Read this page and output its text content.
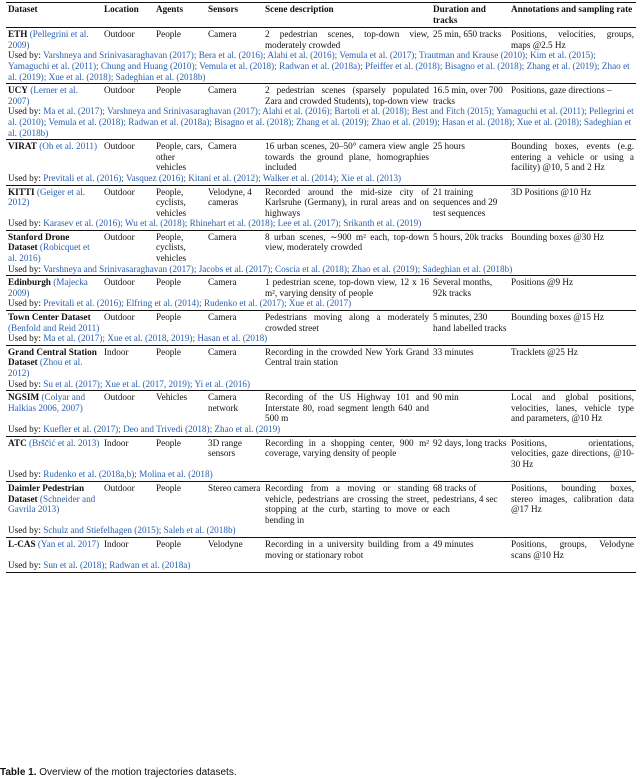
Dataset	Location	Agents	Sensors	Scene description	Duration and tracks	Annotations and sampling rate
ETH (Pellegrini et al. 2009)	Outdoor	People	Camera	2 pedestrian scenes, top-down view, moderately crowded	25 min, 650 tracks	Positions, velocities, groups, maps @2.5 Hz
Used by: Varshneya and Srinivasaraghavan (2017); Bera et al. (2016); Alahi et al. (2016); Vemula et al. (2017); Trautman and Krause (2010); Kim et al. (2015); Yamaguchi et al. (2011); Chung and Huang (2010); Vemula et al. (2018); Radwan et al. (2018a); Pfeiffer et al. (2018); Bisagno et al. (2018); Zhang et al. (2019); Zhao et al. (2019); Xue et al. (2018); Sadeghian et al. (2018b)						
UCY (Lerner et al. 2007)	Outdoor	People	Camera	2 pedestrian scenes (sparsely populated Zara and crowded Students), top-down view	16.5 min, over 700 tracks	Positions, gaze directions –
Used by: Ma et al. (2017); Varshneya and Srinivasaraghavan (2017); Alahi et al. (2016); Bartoli et al. (2018); Best and Fitch (2015); Yamaguchi et al. (2011); Pellegrini et al. (2010); Vemula et al. (2018); Radwan et al. (2018a); Bisagno et al. (2018); Zhang et al. (2019); Zhao et al. (2019); Hasan et al. (2018); Xue et al. (2018); Sadeghian et al. (2018b)						
VIRAT (Oh et al. 2011)	Outdoor	People, cars, other vehicles	Camera	16 urban scenes, 20–50° camera view angle towards the ground plane, homographies included	25 hours	Bounding boxes, events (e.g. entering a vehicle or using a facility) @10, 5 and 2 Hz
Used by: Previtali et al. (2016); Vasquez (2016); Kitani et al. (2012); Walker et al. (2014); Xie et al. (2013)						
KITTI (Geiger et al. 2012)	Outdoor	People, cyclists, vehicles	Velodyne, 4 cameras	Recorded around the mid-size city of Karlsruhe (Germany), in rural areas and on highways	21 training sequences and 29 test sequences	3D Positions @10 Hz
Used by: Karasev et al. (2016); Wu et al. (2018); Rhinehart et al. (2018); Lee et al. (2017); Srikanth et al. (2019)						
Stanford Drone Dataset (Robicquet et al. 2016)	Outdoor	People, cyclists, vehicles	Camera	8 urban scenes, ∼900 m² each, top-down view, moderately crowded	5 hours, 20k tracks	Bounding boxes @30 Hz
Used by: Varshneya and Srinivasaraghavan (2017); Jacobs et al. (2017); Coscia et al. (2018); Zhao et al. (2019); Sadeghian et al. (2018b)						
Edinburgh (Majecka 2009)	Outdoor	People	Camera	1 pedestrian scene, top-down view, 12 x 16 m², varying density of people	Several months, 92k tracks	Positions @9 Hz
Used by: Previtali et al. (2016); Elfring et al. (2014); Rudenko et al. (2017); Xue et al. (2017)						
Town Center Dataset (Benfold and Reid 2011)	Outdoor	People	Camera	Pedestrians moving along a moderately crowded street	5 minutes, 230 hand labelled tracks	Bounding boxes @15 Hz
Used by: Ma et al. (2017); Xue et al. (2018, 2019); Hasan et al. (2018)						
Grand Central Station Dataset (Zhou et al. 2012)	Indoor	People	Camera	Recording in the crowded New York Grand Central train station	33 minutes	Tracklets @25 Hz
Used by: Su et al. (2017); Xue et al. (2017, 2019); Yi et al. (2016)						
NGSIM (Colyar and Halkias 2006, 2007)	Outdoor	Vehicles	Camera network	Recording of the US Highway 101 and Interstate 80, road segment length 640 and 500 m	90 min	Local and global positions, velocities, lanes, vehicle type and parameters, @10 Hz
Used by: Kuefler et al. (2017); Deo and Trivedi (2018); Zhao et al. (2019)						
ATC (Brščić et al. 2013)	Indoor	People	3D range sensors	Recording in a shopping center, 900 m² coverage, varying density of people	92 days, long tracks	Positions, orientations, velocities, gaze directions, @10-30 Hz
Used by: Rudenko et al. (2018a,b); Molina et al. (2018)						
Daimler Pedestrian Dataset (Schneider and Gavrila 2013)	Outdoor	People	Stereo camera	Recording from a moving or standing vehicle, pedestrians are crossing the street, stopping at the curb, starting to move or bending in	68 tracks of pedestrians, 4 sec each	Positions, bounding boxes, stereo images, calibration data @17 Hz
Used by: Schulz and Stiefelhagen (2015); Saleh et al. (2018b)						
L-CAS (Yan et al. 2017)	Indoor	People	Velodyne	Recording in a university building from a moving or stationary robot	49 minutes	Positions, groups, Velodyne scans @10 Hz
Used by: Sun et al. (2018); Radwan et al. (2018a)						
Table 1. Overview of the motion trajectories datasets.
